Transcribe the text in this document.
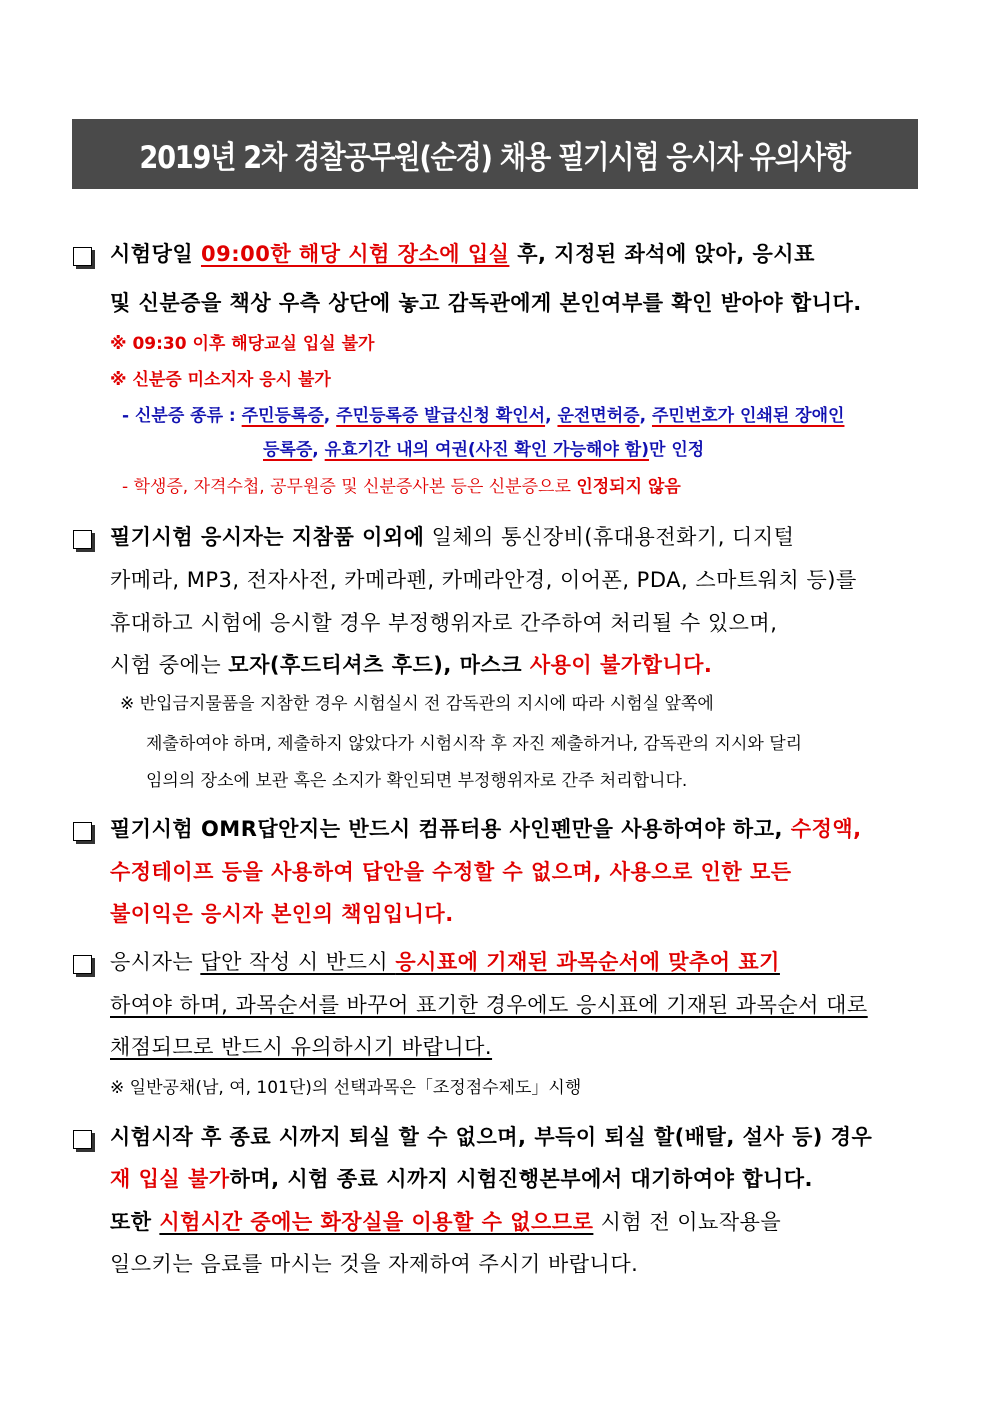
2019년 2차 경찰공무원(순경) 채용 필기시험 응시자 유의사항
시험당일 09:00한 해당 시험 장소에 입실 후, 지정된 좌석에 앉아, 응시표
및 신분증을 책상 우측 상단에 놓고 감독관에게 본인여부를 확인 받아야 합니다.
※ 09:30 이후 해당교실 입실 불가
※ 신분증 미소지자 응시 불가
- 신분증 종류 : 주민등록증, 주민등록증 발급신청 확인서, 운전면허증, 주민번호가 인쇄된 장애인
등록증, 유효기간 내의 여권(사진 확인 가능해야 함)만 인정
- 학생증, 자격수첩, 공무원증 및 신분증사본 등은 신분증으로 인정되지 않음
필기시험 응시자는 지참품 이외에 일체의 통신장비(휴대용전화기, 디지털
카메라, MP3, 전자사전, 카메라펜, 카메라안경, 이어폰, PDA, 스마트워치 등)를
휴대하고 시험에 응시할 경우 부정행위자로 간주하여 처리될 수 있으며,
시험 중에는 모자(후드티셔츠 후드), 마스크 사용이 불가합니다.
※ 반입금지물품을 지참한 경우 시험실시 전 감독관의 지시에 따라 시험실 앞쪽에
제출하여야 하며, 제출하지 않았다가 시험시작 후 자진 제출하거나, 감독관의 지시와 달리
임의의 장소에 보관 혹은 소지가 확인되면 부정행위자로 간주 처리합니다.
필기시험 OMR답안지는 반드시 컴퓨터용 사인펜만을 사용하여야 하고, 수정액,
수정테이프 등을 사용하여 답안을 수정할 수 없으며, 사용으로 인한 모든
불이익은 응시자 본인의 책임입니다.
응시자는 답안 작성 시 반드시 응시표에 기재된 과목순서에 맞추어 표기
하여야 하며, 과목순서를 바꾸어 표기한 경우에도 응시표에 기재된 과목순서 대로
채점되므로 반드시 유의하시기 바랍니다.
※ 일반공채(남, 여, 101단)의 선택과목은「조정점수제도」시행
시험시작 후 종료 시까지 퇴실 할 수 없으며, 부득이 퇴실 할(배탈, 설사 등) 경우
재 입실 불가하며, 시험 종료 시까지 시험진행본부에서 대기하여야 합니다.
또한 시험시간 중에는 화장실을 이용할 수 없으므로 시험 전 이뇨작용을
일으키는 음료를 마시는 것을 자제하여 주시기 바랍니다.
